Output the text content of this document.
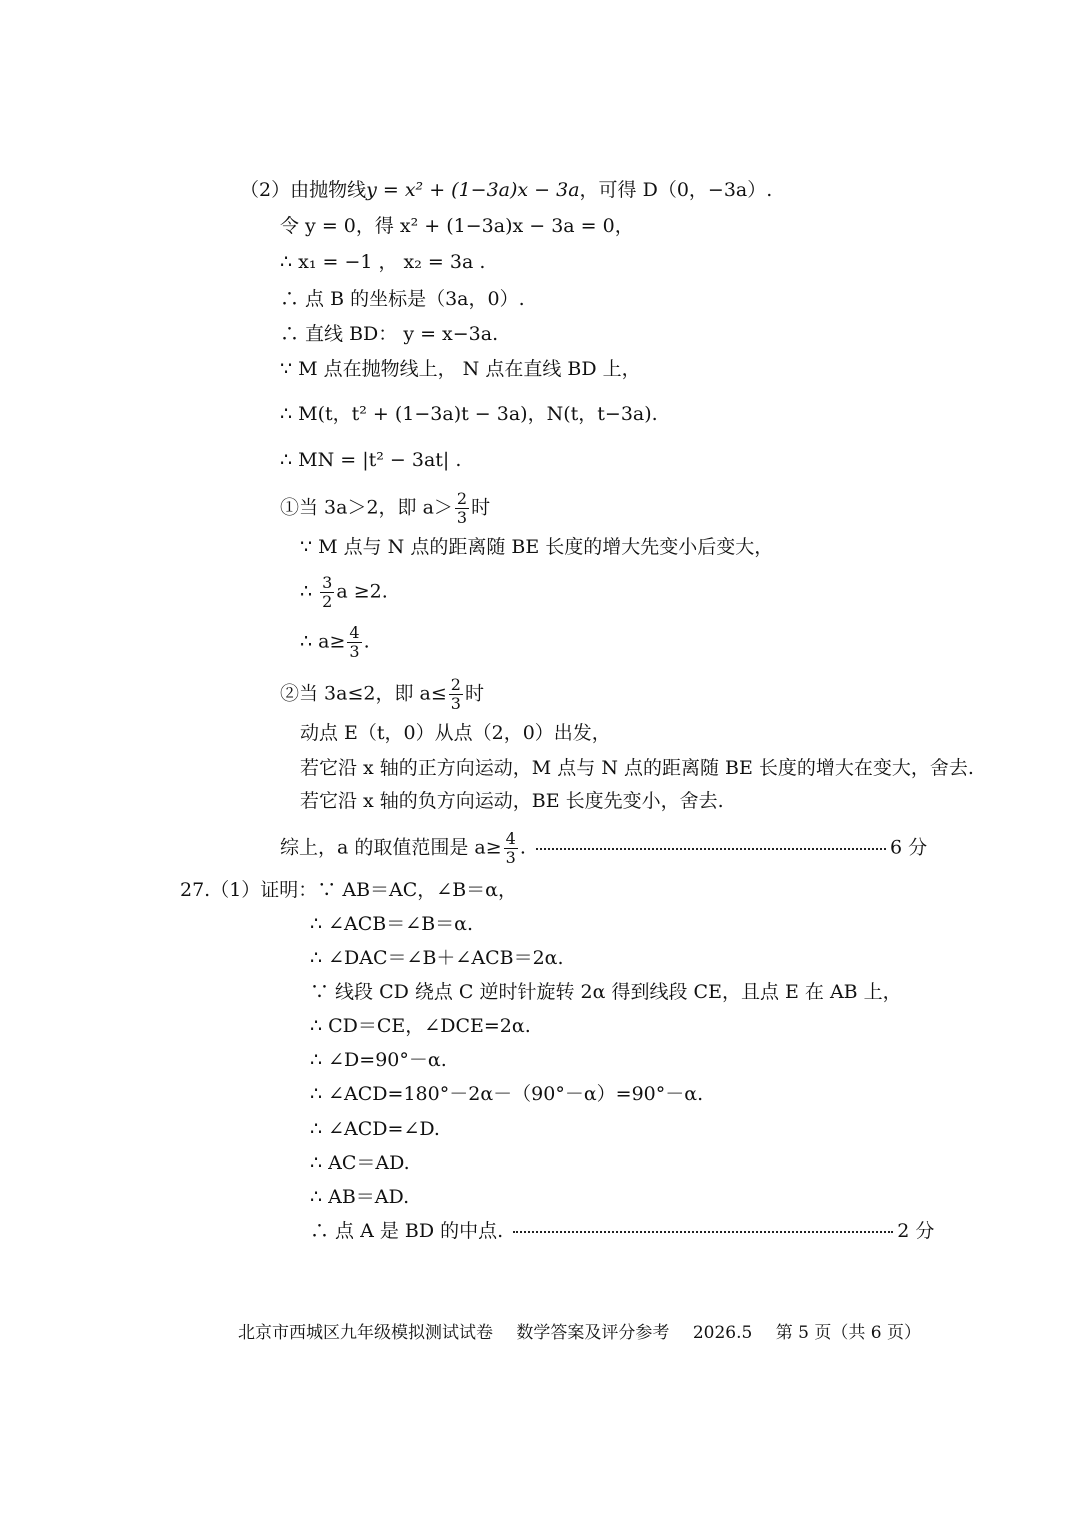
（2）由抛物线y = x² + (1−3a)x − 3a，可得 D（0，−3a）.
令 y = 0，得 x² + (1−3a)x − 3a = 0，
∴ x₁ = −1 ， x₂ = 3a .
∴ 点 B 的坐标是（3a，0）.
∴ 直线 BD： y = x−3a.
∵ M 点在抛物线上， N 点在直线 BD 上，
∴ M(t，t² + (1−3a)t − 3a)，N(t，t−3a).
∴ MN = |t² − 3at| .
①当 3a＞2，即 $a> \frac{2}{3}$ 时
∵ M 点与 N 点的距离随 BE 长度的增大先变小后变大，
∴ $\frac{3}{2}$ a ≥2.
∴ $a\ge \frac{4}{3}$ .
②当 3a≤2，即 $a\le \frac{2}{3}$ 时
动点 E（t，0）从点（2，0）出发，
若它沿 x 轴的正方向运动，M 点与 N 点的距离随 BE 长度的增大在变大，舍去.
若它沿 x 轴的负方向运动，BE 长度先变小，舍去.
综上，a 的取值范围是 $a\ge \frac{4}{3}$ .	6 分
27.（1）证明：∵ AB＝AC，∠B＝α，
∴ ∠ACB＝∠B＝α.
∴ ∠DAC＝∠B＋∠ACB＝2α.
∵ 线段 CD 绕点 C 逆时针旋转 2α 得到线段 CE，且点 E 在 AB 上，
∴ CD＝CE，∠DCE=2α.
∴ ∠D=90°－α.
∴ ∠ACD=180°－2α－（90°－α）=90°－α.
∴ ∠ACD=∠D.
∴ AC＝AD.
∴ AB＝AD.
∴ 点 A 是 BD 的中点.	2 分
北京市西城区九年级模拟测试试卷 数学答案及评分参考 2026.5 第 5 页（共 6 页）
